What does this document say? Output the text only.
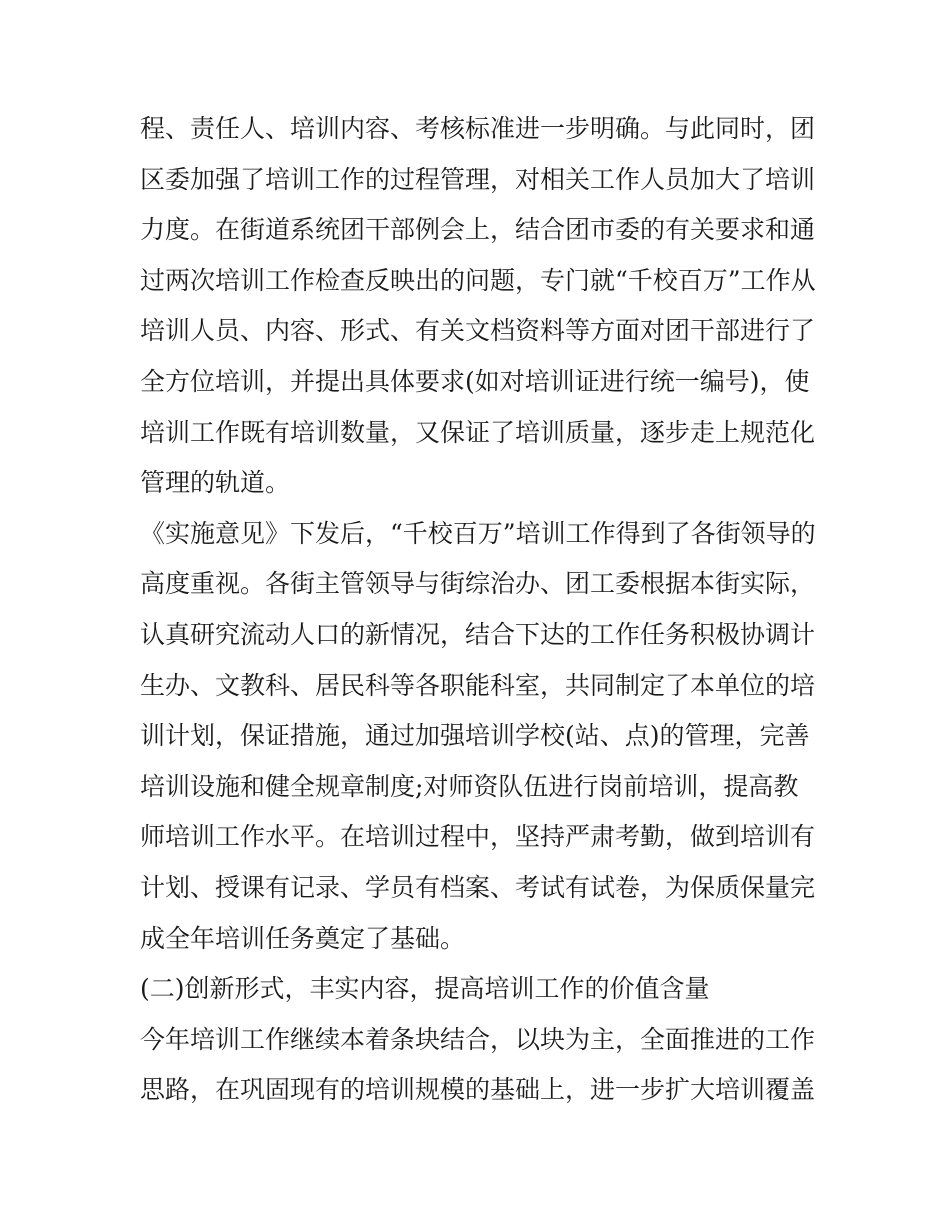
程、责任人、培训内容、考核标准进一步明确。与此同时，团
区委加强了培训工作的过程管理，对相关工作人员加大了培训
力度。在街道系统团干部例会上，结合团市委的有关要求和通
过两次培训工作检查反映出的问题，专门就“千校百万”工作从
培训人员、内容、形式、有关文档资料等方面对团干部进行了
全方位培训，并提出具体要求(如对培训证进行统一编号)，使
培训工作既有培训数量，又保证了培训质量，逐步走上规范化
管理的轨道。
《实施意见》下发后，“千校百万”培训工作得到了各街领导的
高度重视。各街主管领导与街综治办、团工委根据本街实际，
认真研究流动人口的新情况，结合下达的工作任务积极协调计
生办、文教科、居民科等各职能科室，共同制定了本单位的培
训计划，保证措施，通过加强培训学校(站、点)的管理，完善
培训设施和健全规章制度;对师资队伍进行岗前培训，提高教
师培训工作水平。在培训过程中，坚持严肃考勤，做到培训有
计划、授课有记录、学员有档案、考试有试卷，为保质保量完
成全年培训任务奠定了基础。
(二)创新形式，丰实内容，提高培训工作的价值含量
今年培训工作继续本着条块结合，以块为主，全面推进的工作
思路，在巩固现有的培训规模的基础上，进一步扩大培训覆盖
